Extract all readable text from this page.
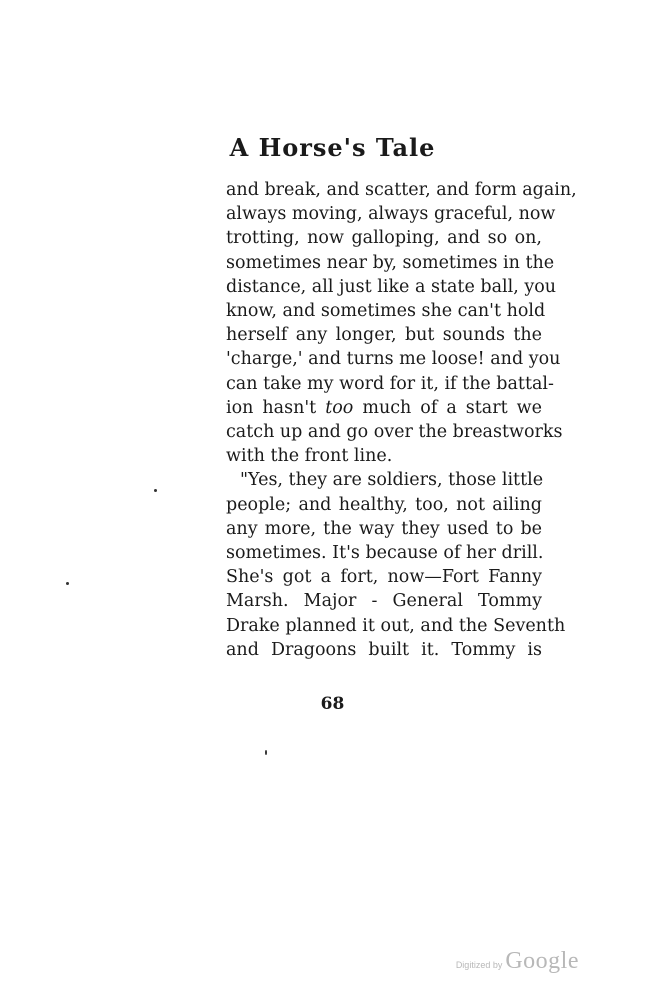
A Horse's Tale
and break, and scatter, and form again,
always moving, always graceful, now
trotting, now galloping, and so on,
sometimes near by, sometimes in the
distance, all just like a state ball, you
know, and sometimes she can't hold
herself any longer, but sounds the
'charge,' and turns me loose! and you
can take my word for it, if the battal-
ion hasn't too much of a start we
catch up and go over the breastworks
with the front line.
"Yes, they are soldiers, those little
people; and healthy, too, not ailing
any more, the way they used to be
sometimes. It's because of her drill.
She's got a fort, now—Fort Fanny
Marsh. Major - General Tommy
Drake planned it out, and the Seventh
and Dragoons built it. Tommy is
68
Digitized by Google
